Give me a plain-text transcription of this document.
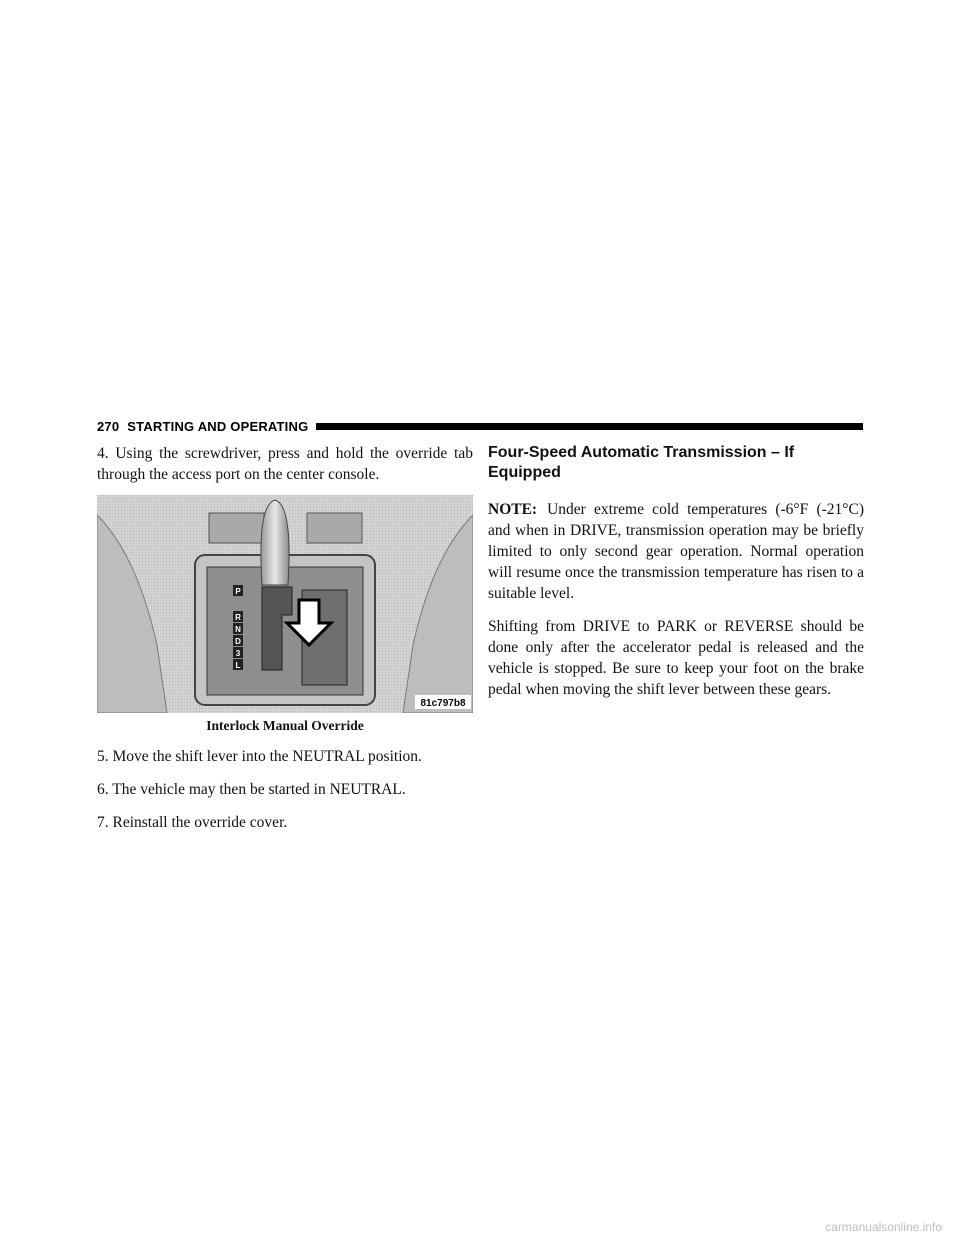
270 STARTING AND OPERATING

4. Using the screwdriver, press and hold the override tab through the access port on the center console.

P
R
N
D
3
L
81c797b8
Interlock Manual Override

5. Move the shift lever into the NEUTRAL position.

6. The vehicle may then be started in NEUTRAL.

7. Reinstall the override cover.

Four-Speed Automatic Transmission – If Equipped

NOTE: Under extreme cold temperatures (-6°F (-21°C) and when in DRIVE, transmission operation may be briefly limited to only second gear operation. Normal operation will resume once the transmission temperature has risen to a suitable level.

Shifting from DRIVE to PARK or REVERSE should be done only after the accelerator pedal is released and the vehicle is stopped. Be sure to keep your foot on the brake pedal when moving the shift lever between these gears.

carmanualsonline.info
